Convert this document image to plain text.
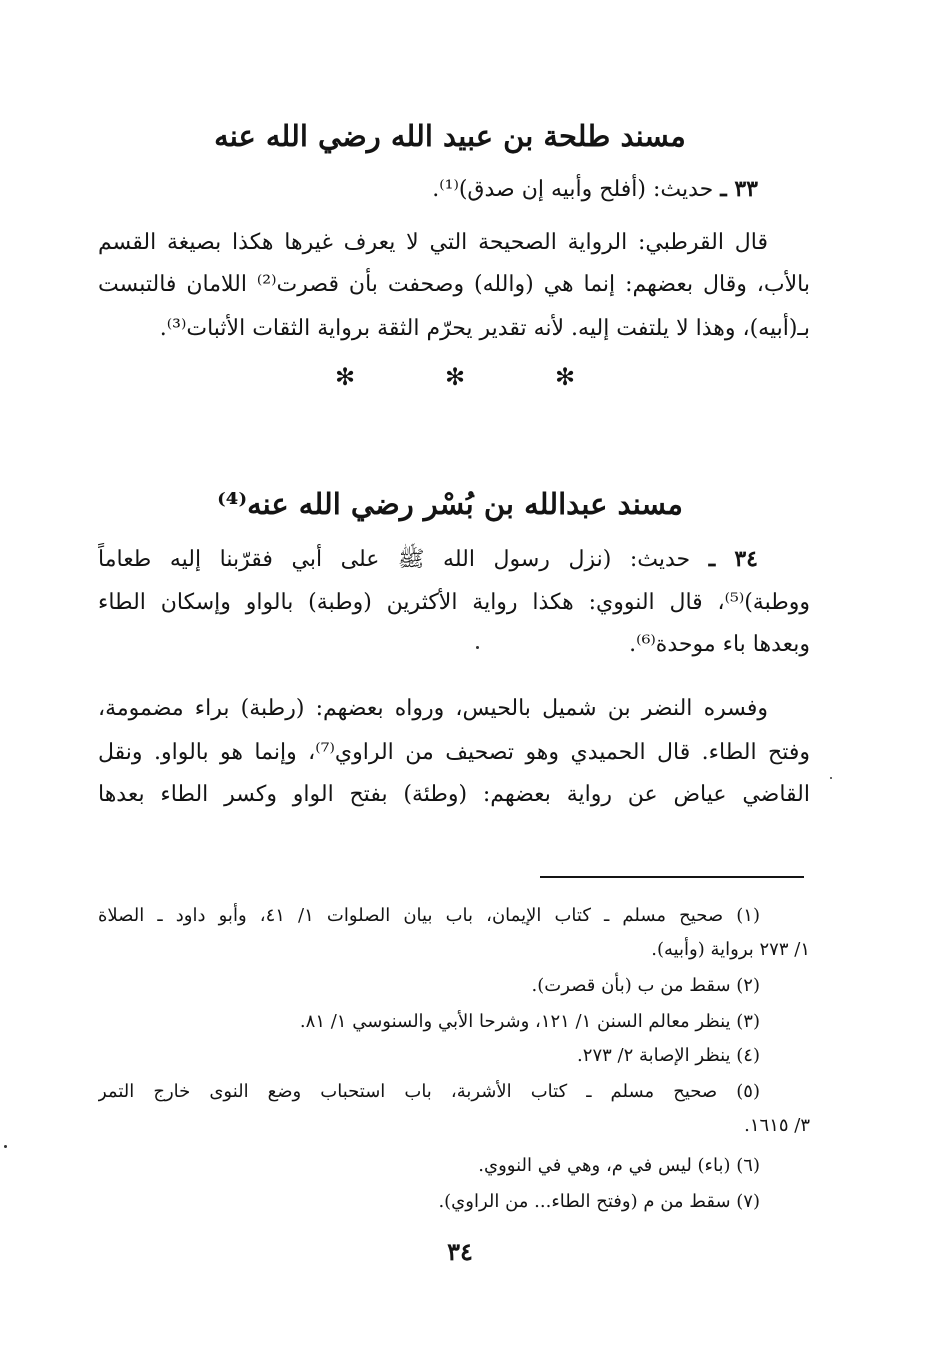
مسند طلحة بن عبيد الله رضي الله عنه
٣٣ ـ حديث: (أفلح وأبيه إن صدق)⁽¹⁾.
قال القرطبي: الرواية الصحيحة التي لا يعرف غيرها هكذا بصيغة القسم
بالأب، وقال بعضهم: إنما هي (والله) وصحفت بأن قصرت⁽²⁾ اللامان فالتبست
بـ(أبيه)، وهذا لا يلتفت إليه. لأنه تقدير يحرّم الثقة برواية الثقات الأثبات⁽³⁾.
✻	✻	✻
مسند عبدالله بن بُسْر رضي الله عنه⁽⁴⁾
٣٤ ـ حديث: (نزل رسول الله ﷺ على أبي فقرّبنا إليه طعاماً
ووطبة)⁽⁵⁾، قال النووي: هكذا رواية الأكثرين (وطبة) بالواو وإسكان الطاء
وبعدها باء موحدة⁽⁶⁾.
وفسره النضر بن شميل بالحيس، ورواه بعضهم: (رطبة) براء مضمومة،
وفتح الطاء. قال الحميدي وهو تصحيف من الراوي⁽⁷⁾، وإنما هو بالواو. ونقل
القاضي عياض عن رواية بعضهم: (وطئة) بفتح الواو وكسر الطاء بعدها
(١) صحيح مسلم ـ كتاب الإيمان، باب بيان الصلوات ١/ ٤١، وأبو داود ـ الصلاة
١/ ٢٧٣ برواية (وأبيه).
(٢) سقط من ب (بأن قصرت).
(٣) ينظر معالم السنن ١/ ١٢١، وشرحا الأبي والسنوسي ١/ ٨١.
(٤) ينظر الإصابة ٢/ ٢٧٣.
(٥) صحيح مسلم ـ كتاب الأشربة، باب استحباب وضع النوى خارج التمر
٣/ ١٦١٥.
(٦) (باء) ليس في م، وهي في النووي.
(٧) سقط من م (وفتح الطاء... من الراوي).
٣٤
